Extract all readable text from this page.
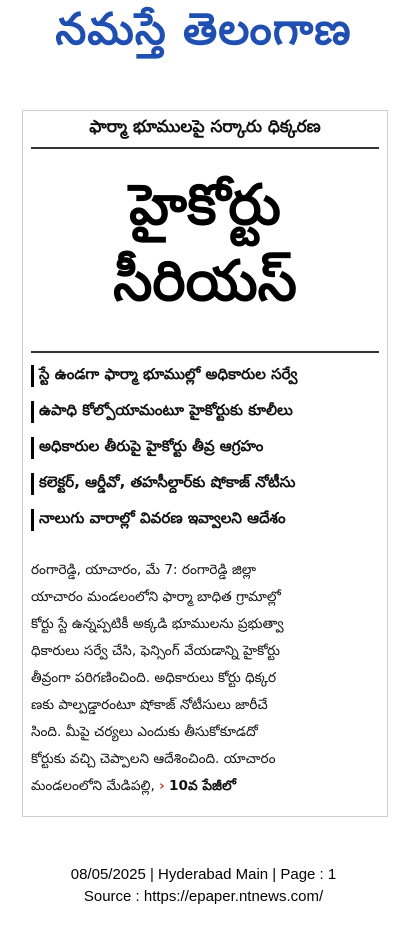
నమస్తే తెలంగాణ
ఫార్మా భూములపై సర్కారు ధిక్కరణ
హైకోర్టు
సీరియస్
స్టే ఉండగా ఫార్మా భూముల్లో అధికారుల సర్వే
ఉపాధి కోల్పోయామంటూ హైకోర్టుకు కూలీలు
అధికారుల తీరుపై హైకోర్టు తీవ్ర ఆగ్రహం
కలెక్టర్, ఆర్డీవో, తహసీల్దార్‌కు షోకాజ్ నోటీసు
నాలుగు వారాల్లో వివరణ ఇవ్వాలని ఆదేశం

రంగారెడ్డి, యాచారం, మే 7: రంగారెడ్డి జిల్లా

యాచారం మండలంలోని ఫార్మా బాధిత గ్రామాల్లో

కోర్టు స్టే ఉన్నప్పటికీ అక్కడి భూములను ప్రభుత్వా

ధికారులు సర్వే చేసి, ఫెన్సింగ్ వేయడాన్ని హైకోర్టు

తీవ్రంగా పరిగణించింది. అధికారులు కోర్టు ధిక్కర

ణకు పాల్పడ్డారంటూ షోకాజ్ నోటీసులు జారీచే

సింది. మీపై చర్యలు ఎందుకు తీసుకోకూడదో

కోర్టుకు వచ్చి చెప్పాలని ఆదేశించింది. యాచారం

మండలంలోని మేడిపల్లి, › 10వ పేజీలో

08/05/2025 | Hyderabad Main | Page : 1
Source : https://epaper.ntnews.com/
